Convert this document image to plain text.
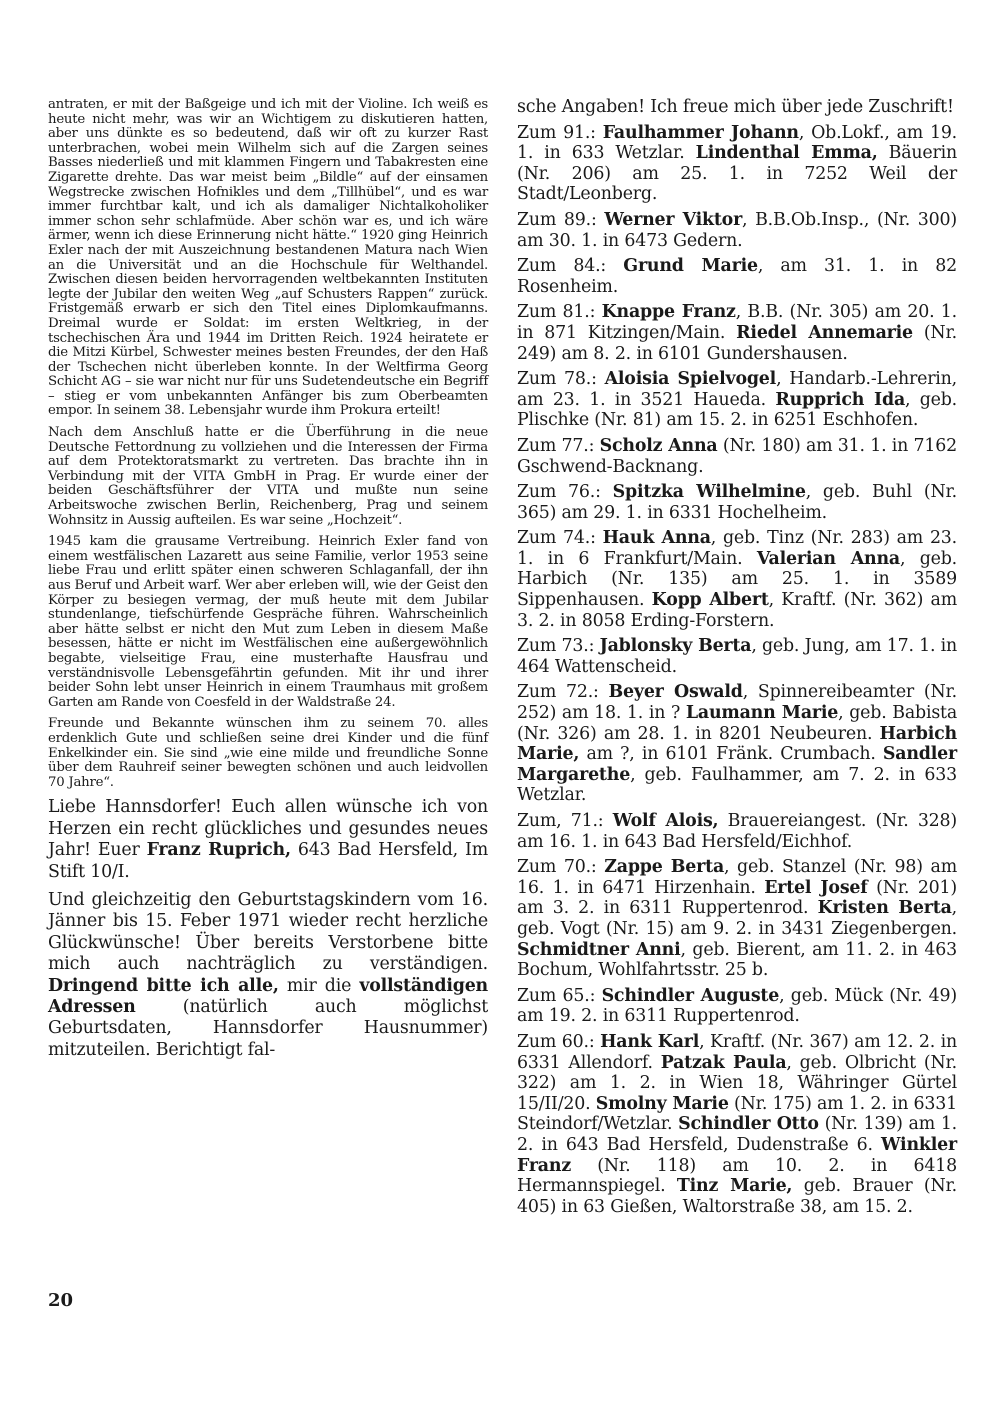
antraten, er mit der Baßgeige und ich mit der Violine. Ich weiß es heute nicht mehr, was wir an Wichtigem zu diskutieren hatten, aber uns dünkte es so bedeutend, daß wir oft zu kurzer Rast unterbrachen, wobei mein Wilhelm sich auf die Zargen seines Basses niederließ und mit klammen Fingern und Tabakresten eine Zigarette drehte. Das war meist beim „Bildle“ auf der einsamen Wegstrecke zwischen Hofnikles und dem „Tillhübel“, und es war immer furchtbar kalt, und ich als damaliger Nichtalkoholiker immer schon sehr schlafmüde. Aber schön war es, und ich wäre ärmer, wenn ich diese Erinnerung nicht hätte.“ 1920 ging Heinrich Exler nach der mit Auszeichnung bestandenen Matura nach Wien an die Universität und an die Hochschule für Welthandel. Zwischen diesen beiden hervorragenden weltbekannten Instituten legte der Jubilar den weiten Weg „auf Schusters Rappen“ zurück. Fristgemäß erwarb er sich den Titel eines Diplomkaufmanns. Dreimal wurde er Soldat: im ersten Weltkrieg, in der tschechischen Ära und 1944 im Dritten Reich. 1924 heiratete er die Mitzi Kürbel, Schwester meines besten Freundes, der den Haß der Tschechen nicht überleben konnte. In der Weltfirma Georg Schicht AG – sie war nicht nur für uns Sudetendeutsche ein Begriff – stieg er vom unbekannten Anfänger bis zum Oberbeamten empor. In seinem 38. Lebensjahr wurde ihm Prokura erteilt!

Nach dem Anschluß hatte er die Überführung in die neue Deutsche Fettordnung zu vollziehen und die Interessen der Firma auf dem Protektoratsmarkt zu vertreten. Das brachte ihn in Verbindung mit der VITA GmbH in Prag. Er wurde einer der beiden Geschäftsführer der VITA und mußte nun seine Arbeitswoche zwischen Berlin, Reichenberg, Prag und seinem Wohnsitz in Aussig aufteilen. Es war seine „Hochzeit“.

1945 kam die grausame Vertreibung. Heinrich Exler fand von einem westfälischen Lazarett aus seine Familie, verlor 1953 seine liebe Frau und erlitt später einen schweren Schlaganfall, der ihn aus Beruf und Arbeit warf. Wer aber erleben will, wie der Geist den Körper zu besiegen vermag, der muß heute mit dem Jubilar stundenlange, tiefschürfende Gespräche führen. Wahrscheinlich aber hätte selbst er nicht den Mut zum Leben in diesem Maße besessen, hätte er nicht im Westfälischen eine außergewöhnlich begabte, vielseitige Frau, eine musterhafte Hausfrau und verständnisvolle Lebensgefährtin gefunden. Mit ihr und ihrer beider Sohn lebt unser Heinrich in einem Traumhaus mit großem Garten am Rande von Coesfeld in der Waldstraße 24.

Freunde und Bekannte wünschen ihm zu seinem 70. alles erdenklich Gute und schließen seine drei Kinder und die fünf Enkelkinder ein. Sie sind „wie eine milde und freundliche Sonne über dem Rauhreif seiner bewegten schönen und auch leidvollen 70 Jahre“.

Liebe Hannsdorfer! Euch allen wünsche ich von Herzen ein recht glückliches und gesundes neues Jahr! Euer Franz Ruprich, 643 Bad Hersfeld, Im Stift 10/I.

Und gleichzeitig den Geburtstagskindern vom 16. Jänner bis 15. Feber 1971 wieder recht herzliche Glückwünsche! Über bereits Verstorbene bitte mich auch nachträglich zu verständigen. Dringend bitte ich alle, mir die vollständigen Adressen (natürlich auch möglichst Geburtsdaten, Hannsdorfer Hausnummer) mitzuteilen. Berichtigt fal-

sche Angaben! Ich freue mich über jede Zuschrift!

Zum 91.: Faulhammer Johann, Ob.Lokf., am 19. 1. in 633 Wetzlar. Lindenthal Emma, Bäuerin (Nr. 206) am 25. 1. in 7252 Weil der Stadt/Leonberg.

Zum 89.: Werner Viktor, B.B.Ob.Insp., (Nr. 300) am 30. 1. in 6473 Gedern.

Zum 84.: Grund Marie, am 31. 1. in 82 Rosenheim.

Zum 81.: Knappe Franz, B.B. (Nr. 305) am 20. 1. in 871 Kitzingen/Main. Riedel Annemarie (Nr. 249) am 8. 2. in 6101 Gundershausen.

Zum 78.: Aloisia Spielvogel, Handarb.-Lehrerin, am 23. 1. in 3521 Haueda. Rupprich Ida, geb. Plischke (Nr. 81) am 15. 2. in 6251 Eschhofen.

Zum 77.: Scholz Anna (Nr. 180) am 31. 1. in 7162 Gschwend-Backnang.

Zum 76.: Spitzka Wilhelmine, geb. Buhl (Nr. 365) am 29. 1. in 6331 Hochelheim.

Zum 74.: Hauk Anna, geb. Tinz (Nr. 283) am 23. 1. in 6 Frankfurt/Main. Valerian Anna, geb. Harbich (Nr. 135) am 25. 1. in 3589 Sippenhausen. Kopp Albert, Kraftf. (Nr. 362) am 3. 2. in 8058 Erding-Forstern.

Zum 73.: Jablonsky Berta, geb. Jung, am 17. 1. in 464 Wattenscheid.

Zum 72.: Beyer Oswald, Spinnereibeamter (Nr. 252) am 18. 1. in ? Laumann Marie, geb. Babista (Nr. 326) am 28. 1. in 8201 Neubeuren. Harbich Marie, am ?, in 6101 Fränk. Crumbach. Sandler Margarethe, geb. Faulhammer, am 7. 2. in 633 Wetzlar.

Zum, 71.: Wolf Alois, Brauereiangest. (Nr. 328) am 16. 1. in 643 Bad Hersfeld/Eichhof.

Zum 70.: Zappe Berta, geb. Stanzel (Nr. 98) am 16. 1. in 6471 Hirzenhain. Ertel Josef (Nr. 201) am 3. 2. in 6311 Ruppertenrod. Kristen Berta, geb. Vogt (Nr. 15) am 9. 2. in 3431 Ziegenbergen. Schmidtner Anni, geb. Bierent, am 11. 2. in 463 Bochum, Wohlfahrtsstr. 25 b.

Zum 65.: Schindler Auguste, geb. Mück (Nr. 49) am 19. 2. in 6311 Ruppertenrod.

Zum 60.: Hank Karl, Kraftf. (Nr. 367) am 12. 2. in 6331 Allendorf. Patzak Paula, geb. Olbricht (Nr. 322) am 1. 2. in Wien 18, Währinger Gürtel 15/II/20. Smolny Marie (Nr. 175) am 1. 2. in 6331 Steindorf/Wetzlar. Schindler Otto (Nr. 139) am 1. 2. in 643 Bad Hersfeld, Dudenstraße 6. Winkler Franz (Nr. 118) am 10. 2. in 6418 Hermannspiegel. Tinz Marie, geb. Brauer (Nr. 405) in 63 Gießen, Waltorstraße 38, am 15. 2.

20
